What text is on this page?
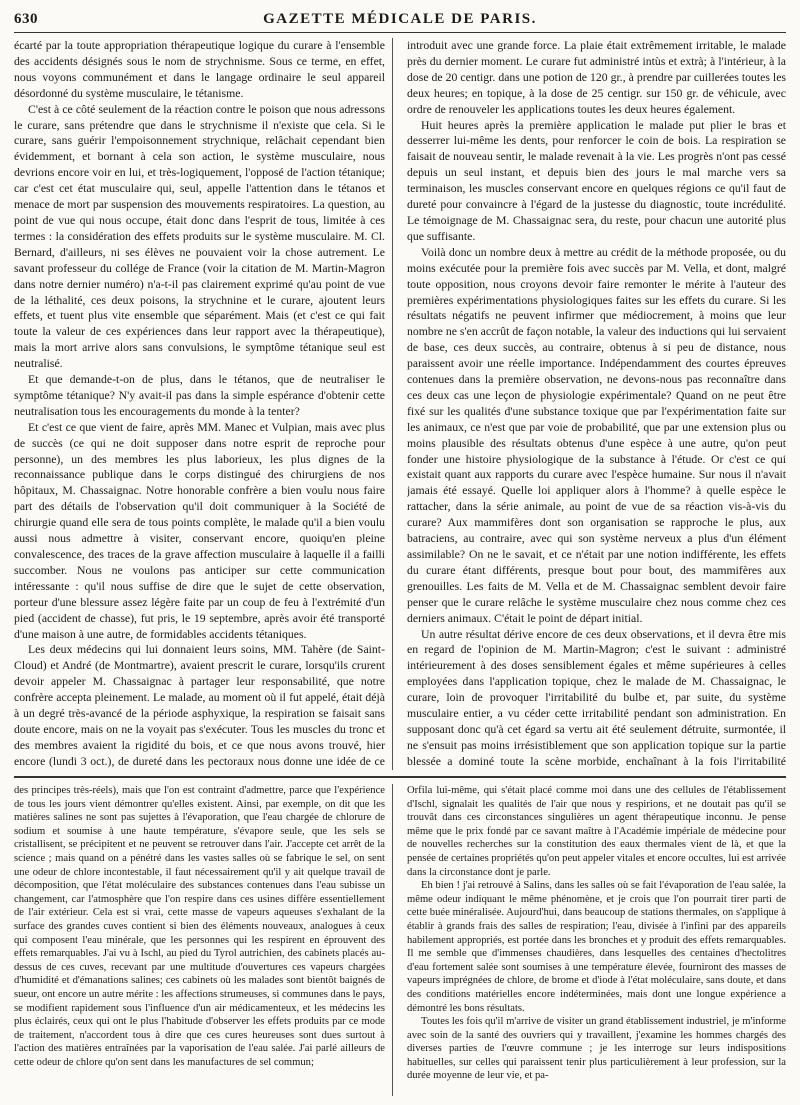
630	GAZETTE MÉDICALE DE PARIS.

écarté par la toute appropriation thérapeutique logique du curare à l'ensemble des accidents désignés sous le nom de strychnisme. Sous ce terme, en effet, nous voyons communément et dans le langage ordinaire le seul appareil désordonné du système musculaire, le tétanisme.

C'est à ce côté seulement de la réaction contre le poison que nous adressons le curare, sans prétendre que dans le strychnisme il n'existe que cela. Si le curare, sans guérir l'empoisonnement strychnique, relâchait cependant bien évidemment, et bornant à cela son action, le système musculaire, nous devrions encore voir en lui, et très-logiquement, l'opposé de l'action tétanique; car c'est cet état musculaire qui, seul, appelle l'attention dans le tétanos et menace de mort par suspension des mouvements respiratoires. La question, au point de vue qui nous occupe, était donc dans l'esprit de tous, limitée à ces termes : la considération des effets produits sur le système musculaire. M. Cl. Bernard, d'ailleurs, ni ses élèves ne pouvaient voir la chose autrement. Le savant professeur du collége de France (voir la citation de M. Martin-Magron dans notre dernier numéro) n'a-t-il pas clairement exprimé qu'au point de vue de la léthalité, ces deux poisons, la strychnine et le curare, ajoutent leurs effets, et tuent plus vite ensemble que séparément. Mais (et c'est ce qui fait toute la valeur de ces expériences dans leur rapport avec la thérapeutique), mais la mort arrive alors sans convulsions, le symptôme tétanique seul est neutralisé.

Et que demande-t-on de plus, dans le tétanos, que de neutraliser le symptôme tétanique? N'y avait-il pas dans la simple espérance d'obtenir cette neutralisation tous les encouragements du monde à la tenter?

Et c'est ce que vient de faire, après MM. Manec et Vulpian, mais avec plus de succès (ce qui ne doit supposer dans notre esprit de reproche pour personne), un des membres les plus laborieux, les plus dignes de la reconnaissance publique dans le corps distingué des chirurgiens de nos hôpitaux, M. Chassaignac. Notre honorable confrère a bien voulu nous faire part des détails de l'observation qu'il doit communiquer à la Société de chirurgie quand elle sera de tous points complète, le malade qu'il a bien voulu aussi nous admettre à visiter, conservant encore, quoiqu'en pleine convalescence, des traces de la grave affection musculaire à laquelle il a failli succomber. Nous ne voulons pas anticiper sur cette communication intéressante : qu'il nous suffise de dire que le sujet de cette observation, porteur d'une blessure assez légère faite par un coup de feu à l'extrémité d'un pied (accident de chasse), fut pris, le 19 septembre, après avoir été transporté d'une maison à une autre, de formidables accidents tétaniques.

Les deux médecins qui lui donnaient leurs soins, MM. Tahère (de Saint-Cloud) et André (de Montmartre), avaient prescrit le curare, lorsqu'ils crurent devoir appeler M. Chassaignac à partager leur responsabilité, que notre confrère accepta pleinement. Le malade, au moment où il fut appelé, était déjà à un degré très-avancé de la période asphyxique, la respiration se faisait sans doute encore, mais on ne la voyait pas s'exécuter. Tous les muscles du tronc et des membres avaient la rigidité du bois, et ce que nous avons trouvé, hier encore (lundi 3 oct.), de dureté dans les pectoraux nous donne une idée de ce

introduit avec une grande force. La plaie était extrêmement irritable, le malade près du dernier moment. Le curare fut administré intùs et extrà; à l'intérieur, à la dose de 20 centigr. dans une potion de 120 gr., à prendre par cuillerées toutes les deux heures; en topique, à la dose de 25 centigr. sur 150 gr. de véhicule, avec ordre de renouveler les applications toutes les deux heures également.

Huit heures après la première application le malade put plier le bras et desserrer lui-même les dents, pour renforcer le coin de bois. La respiration se faisait de nouveau sentir, le malade revenait à la vie. Les progrès n'ont pas cessé depuis un seul instant, et depuis bien des jours le mal marche vers sa terminaison, les muscles conservant encore en quelques régions ce qu'il faut de dureté pour convaincre à l'égard de la justesse du diagnostic, toute incrédulité. Le témoignage de M. Chassaignac sera, du reste, pour chacun une autorité plus que suffisante.

Voilà donc un nombre deux à mettre au crédit de la méthode proposée, ou du moins exécutée pour la première fois avec succès par M. Vella, et dont, malgré toute opposition, nous croyons devoir faire remonter le mérite à l'auteur des premières expérimentations physiologiques faites sur les effets du curare. Si les résultats négatifs ne peuvent infirmer que médiocrement, à moins que leur nombre ne s'en accrût de façon notable, la valeur des inductions qui lui servaient de base, ces deux succès, au contraire, obtenus à si peu de distance, nous paraissent avoir une réelle importance. Indépendamment des courtes épreuves contenues dans la première observation, ne devons-nous pas reconnaître dans ces deux cas une leçon de physiologie expérimentale? Quand on ne peut être fixé sur les qualités d'une substance toxique que par l'expérimentation faite sur les animaux, ce n'est que par voie de probabilité, que par une extension plus ou moins plausible des résultats obtenus d'une espèce à une autre, qu'on peut fonder une histoire physiologique de la substance à l'étude. Or c'est ce qui existait quant aux rapports du curare avec l'espèce humaine. Sur nous il n'avait jamais été essayé. Quelle loi appliquer alors à l'homme? à quelle espèce le rattacher, dans la série animale, au point de vue de sa réaction vis-à-vis du curare? Aux mammifères dont son organisation se rapproche le plus, aux batraciens, au contraire, avec qui son système nerveux a plus d'un élément assimilable? On ne le savait, et ce n'était par une notion indifférente, les effets du curare étant différents, presque bout pour bout, des mammifères aux grenouilles. Les faits de M. Vella et de M. Chassaignac semblent devoir faire penser que le curare relâche le système musculaire chez nous comme chez ces derniers animaux. C'était le point de départ initial.

Un autre résultat dérive encore de ces deux observations, et il devra être mis en regard de l'opinion de M. Martin-Magron; c'est le suivant : administré intérieurement à des doses sensiblement égales et même supérieures à celles employées dans l'application topique, chez le malade de M. Chassaignac, le curare, loin de provoquer l'irritabilité du bulbe et, par suite, du système musculaire entier, a vu céder cette irritabilité pendant son administration. En supposant donc qu'à cet égard sa vertu ait été seulement détruite, surmontée, il ne s'ensuit pas moins irrésistiblement que son application topique sur la partie blessée a dominé toute la scène morbide, enchaînant à la fois l'irritabilité

des principes très-réels), mais que l'on est contraint d'admettre, parce que l'expérience de tous les jours vient démontrer qu'elles existent. Ainsi, par exemple, on dit que les matières salines ne sont pas sujettes à l'évaporation, que l'eau chargée de chlorure de sodium et soumise à une haute température, s'évapore seule, que les sels se cristallisent, se précipitent et ne peuvent se retrouver dans l'air. J'accepte cet arrêt de la science ; mais quand on a pénétré dans les vastes salles où se fabrique le sel, on sent une odeur de chlore incontestable, il faut nécessairement qu'il y ait quelque travail de décomposition, que l'état moléculaire des substances contenues dans l'eau subisse un changement, car l'atmosphère que l'on respire dans ces usines diffère essentiellement de l'air extérieur. Cela est si vrai, cette masse de vapeurs aqueuses s'exhalant de la surface des grandes cuves contient si bien des éléments nouveaux, analogues à ceux qui composent l'eau minérale, que les personnes qui les respirent en éprouvent des effets remarquables. J'ai vu à Ischl, au pied du Tyrol autrichien, des cabinets placés au-dessus de ces cuves, recevant par une multitude d'ouvertures ces vapeurs chargées d'humidité et d'émanations salines; ces cabinets où les malades sont bientôt baignés de sueur, ont encore un autre mérite : les affections strumeuses, si communes dans le pays, se modifient rapidement sous l'influence d'un air médicamenteux, et les médecins les plus éclairés, ceux qui ont le plus l'habitude d'observer les effets produits par ce mode de traitement, n'accordent tous à dire que ces cures heureuses sont dues surtout à l'action des matières entraînées par la vaporisation de l'eau salée. J'ai parlé ailleurs de cette odeur de chlore qu'on sent dans les manufactures de sel commun;

Orfila lui-même, qui s'était placé comme moi dans une des cellules de l'établissement d'Ischl, signalait les qualités de l'air que nous y respirions, et ne doutait pas qu'il se trouvât dans ces circonstances singulières un agent thérapeutique inconnu. Je pense même que le prix fondé par ce savant maître à l'Académie impériale de médecine pour de nouvelles recherches sur la constitution des eaux thermales vient de là, et que la pensée de certaines propriétés qu'on peut appeler vitales et encore occultes, lui est arrivée dans la circonstance dont je parle.

Eh bien ! j'ai retrouvé à Salins, dans les salles où se fait l'évaporation de l'eau salée, la même odeur indiquant le même phénomène, et je crois que l'on pourrait tirer parti de cette buée minéralisée. Aujourd'hui, dans beaucoup de stations thermales, on s'applique à établir à grands frais des salles de respiration; l'eau, divisée à l'infini par des appareils habilement appropriés, est portée dans les bronches et y produit des effets remarquables. Il me semble que d'immenses chaudières, dans lesquelles des centaines d'hectolitres d'eau fortement salée sont soumises à une température élevée, fourniront des masses de vapeurs imprégnées de chlore, de brome et d'iode à l'état moléculaire, sans doute, et dans des conditions matérielles encore indéterminées, mais dont une longue expérience a démontré les bons résultats.

Toutes les fois qu'il m'arrive de visiter un grand établissement industriel, je m'informe avec soin de la santé des ouvriers qui y travaillent, j'examine les hommes chargés des diverses parties de l'œuvre commune ; je les interroge sur leurs indispositions habituelles, sur celles qui paraissent tenir plus particulièrement à leur profession, sur la durée moyenne de leur vie, et pa-
